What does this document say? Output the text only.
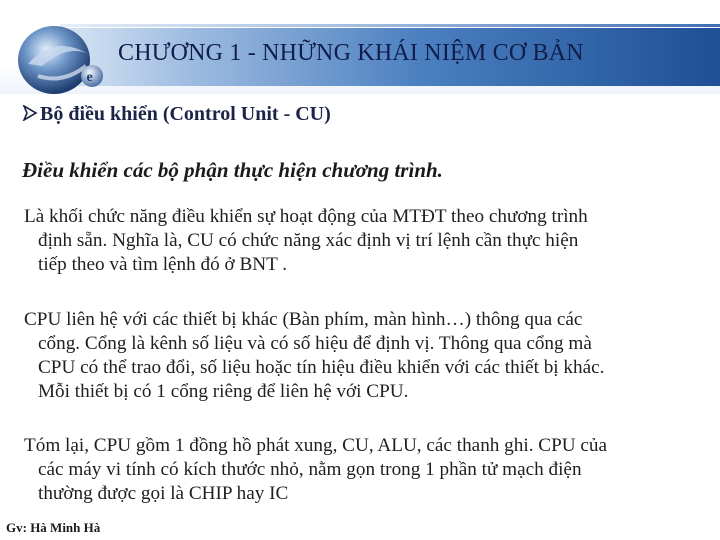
e
CHƯƠNG 1 - NHỮNG KHÁI NIỆM CƠ BẢN
Bộ điều khiển (Control Unit - CU)
Điều khiển các bộ phận thực hiện chương trình.
Là khối chức năng điều khiển sự hoạt động của MTĐT theo chương trình
định sẵn. Nghĩa là, CU có chức năng xác định vị trí lệnh cần thực hiện
tiếp theo và tìm lệnh đó ở BNT .
CPU liên hệ với các thiết bị khác (Bàn phím, màn hình…) thông qua các
cổng. Cổng là kênh số liệu và có số hiệu để định vị. Thông qua cổng mà
CPU có thể trao đổi, số liệu hoặc tín hiệu điều khiển với các thiết bị khác.
Mỗi thiết bị có 1 cổng riêng để liên hệ với CPU.
Tóm lại, CPU gồm 1 đồng hồ phát xung, CU, ALU, các thanh ghi. CPU của
các máy vi tính có kích thước nhỏ, nằm gọn trong 1 phần tử mạch điện
thường được gọi là CHIP hay IC
Gv: Hà Minh Hà
